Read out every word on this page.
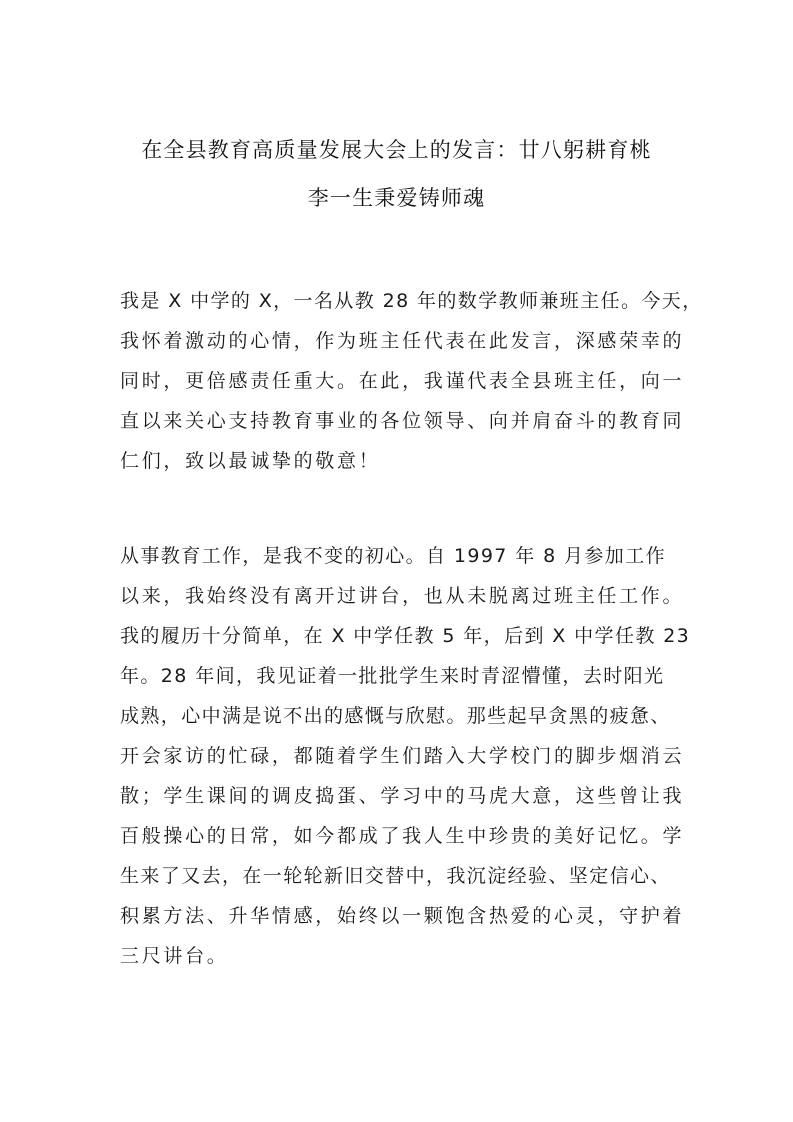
在全县教育高质量发展大会上的发言：廿八躬耕育桃
李一生秉爱铸师魂
我是 X 中学的 X，一名从教 28 年的数学教师兼班主任。今天，
我怀着激动的心情，作为班主任代表在此发言，深感荣幸的
同时，更倍感责任重大。在此，我谨代表全县班主任，向一
直以来关心支持教育事业的各位领导、向并肩奋斗的教育同
仁们，致以最诚挚的敬意！
从事教育工作，是我不变的初心。自 1997 年 8 月参加工作
以来，我始终没有离开过讲台，也从未脱离过班主任工作。
我的履历十分简单，在 X 中学任教 5 年，后到 X 中学任教 23
年。28 年间，我见证着一批批学生来时青涩懵懂，去时阳光
成熟，心中满是说不出的感慨与欣慰。那些起早贪黑的疲惫、
开会家访的忙碌，都随着学生们踏入大学校门的脚步烟消云
散；学生课间的调皮捣蛋、学习中的马虎大意，这些曾让我
百般操心的日常，如今都成了我人生中珍贵的美好记忆。学
生来了又去，在一轮轮新旧交替中，我沉淀经验、坚定信心、
积累方法、升华情感，始终以一颗饱含热爱的心灵，守护着
三尺讲台。
